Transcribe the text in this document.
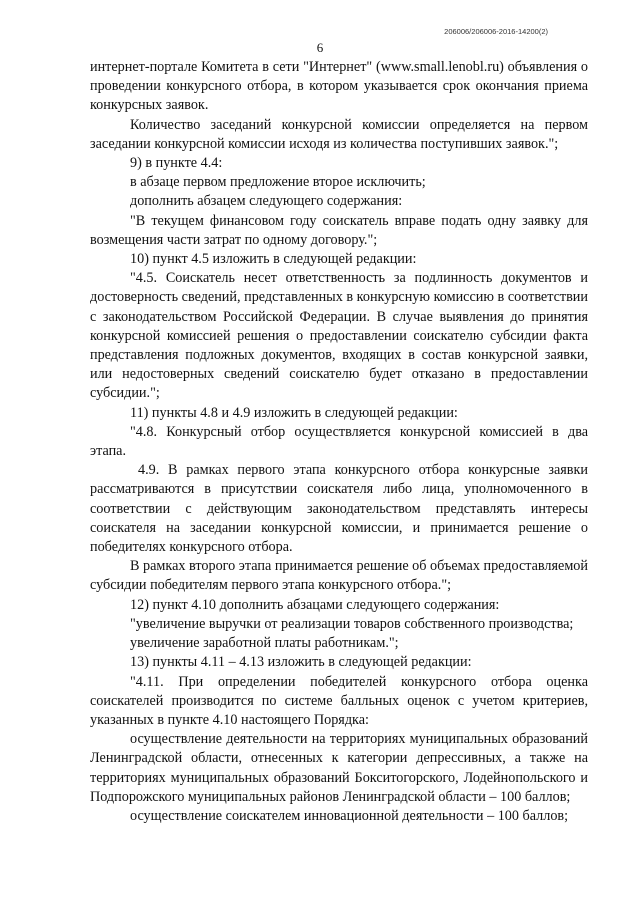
206006/206006-2016-14200(2)
6

интернет-портале Комитета в сети "Интернет" (www.small.lenobl.ru) объявления о проведении конкурсного отбора, в котором указывается срок окончания приема конкурсных заявок.

Количество заседаний конкурсной комиссии определяется на первом заседании конкурсной комиссии исходя из количества поступивших заявок.";

9) в пункте 4.4:

в абзаце первом предложение второе исключить;

дополнить абзацем следующего содержания:

"В текущем финансовом году соискатель вправе подать одну заявку для возмещения части затрат по одному договору.";

10) пункт 4.5 изложить в следующей редакции:

"4.5. Соискатель несет ответственность за подлинность документов и достоверность сведений, представленных в конкурсную комиссию в соответствии с законодательством Российской Федерации. В случае выявления до принятия конкурсной комиссией решения о предоставлении соискателю субсидии факта представления подложных документов, входящих в состав конкурсной заявки, или недостоверных сведений соискателю будет отказано в предоставлении субсидии.";

11) пункты 4.8 и 4.9 изложить в следующей редакции:

"4.8. Конкурсный отбор осуществляется конкурсной комиссией в два этапа.

4.9. В рамках первого этапа конкурсного отбора конкурсные заявки рассматриваются в присутствии соискателя либо лица, уполномоченного в соответствии с действующим законодательством представлять интересы соискателя на заседании конкурсной комиссии, и принимается решение о победителях конкурсного отбора.

В рамках второго этапа принимается решение об объемах предоставляемой субсидии победителям первого этапа конкурсного отбора.";

12) пункт 4.10 дополнить абзацами следующего содержания:

"увеличение выручки от реализации товаров собственного производства;

увеличение заработной платы работникам.";

13) пункты 4.11 – 4.13 изложить в следующей редакции:

"4.11. При определении победителей конкурсного отбора оценка соискателей производится по системе балльных оценок с учетом критериев, указанных в пункте 4.10 настоящего Порядка:

осуществление деятельности на территориях муниципальных образований Ленинградской области, отнесенных к категории депрессивных, а также на территориях муниципальных образований Бокситогорского, Лодейнопольского и Подпорожского муниципальных районов Ленинградской области – 100 баллов;

осуществление соискателем инновационной деятельности – 100 баллов;
